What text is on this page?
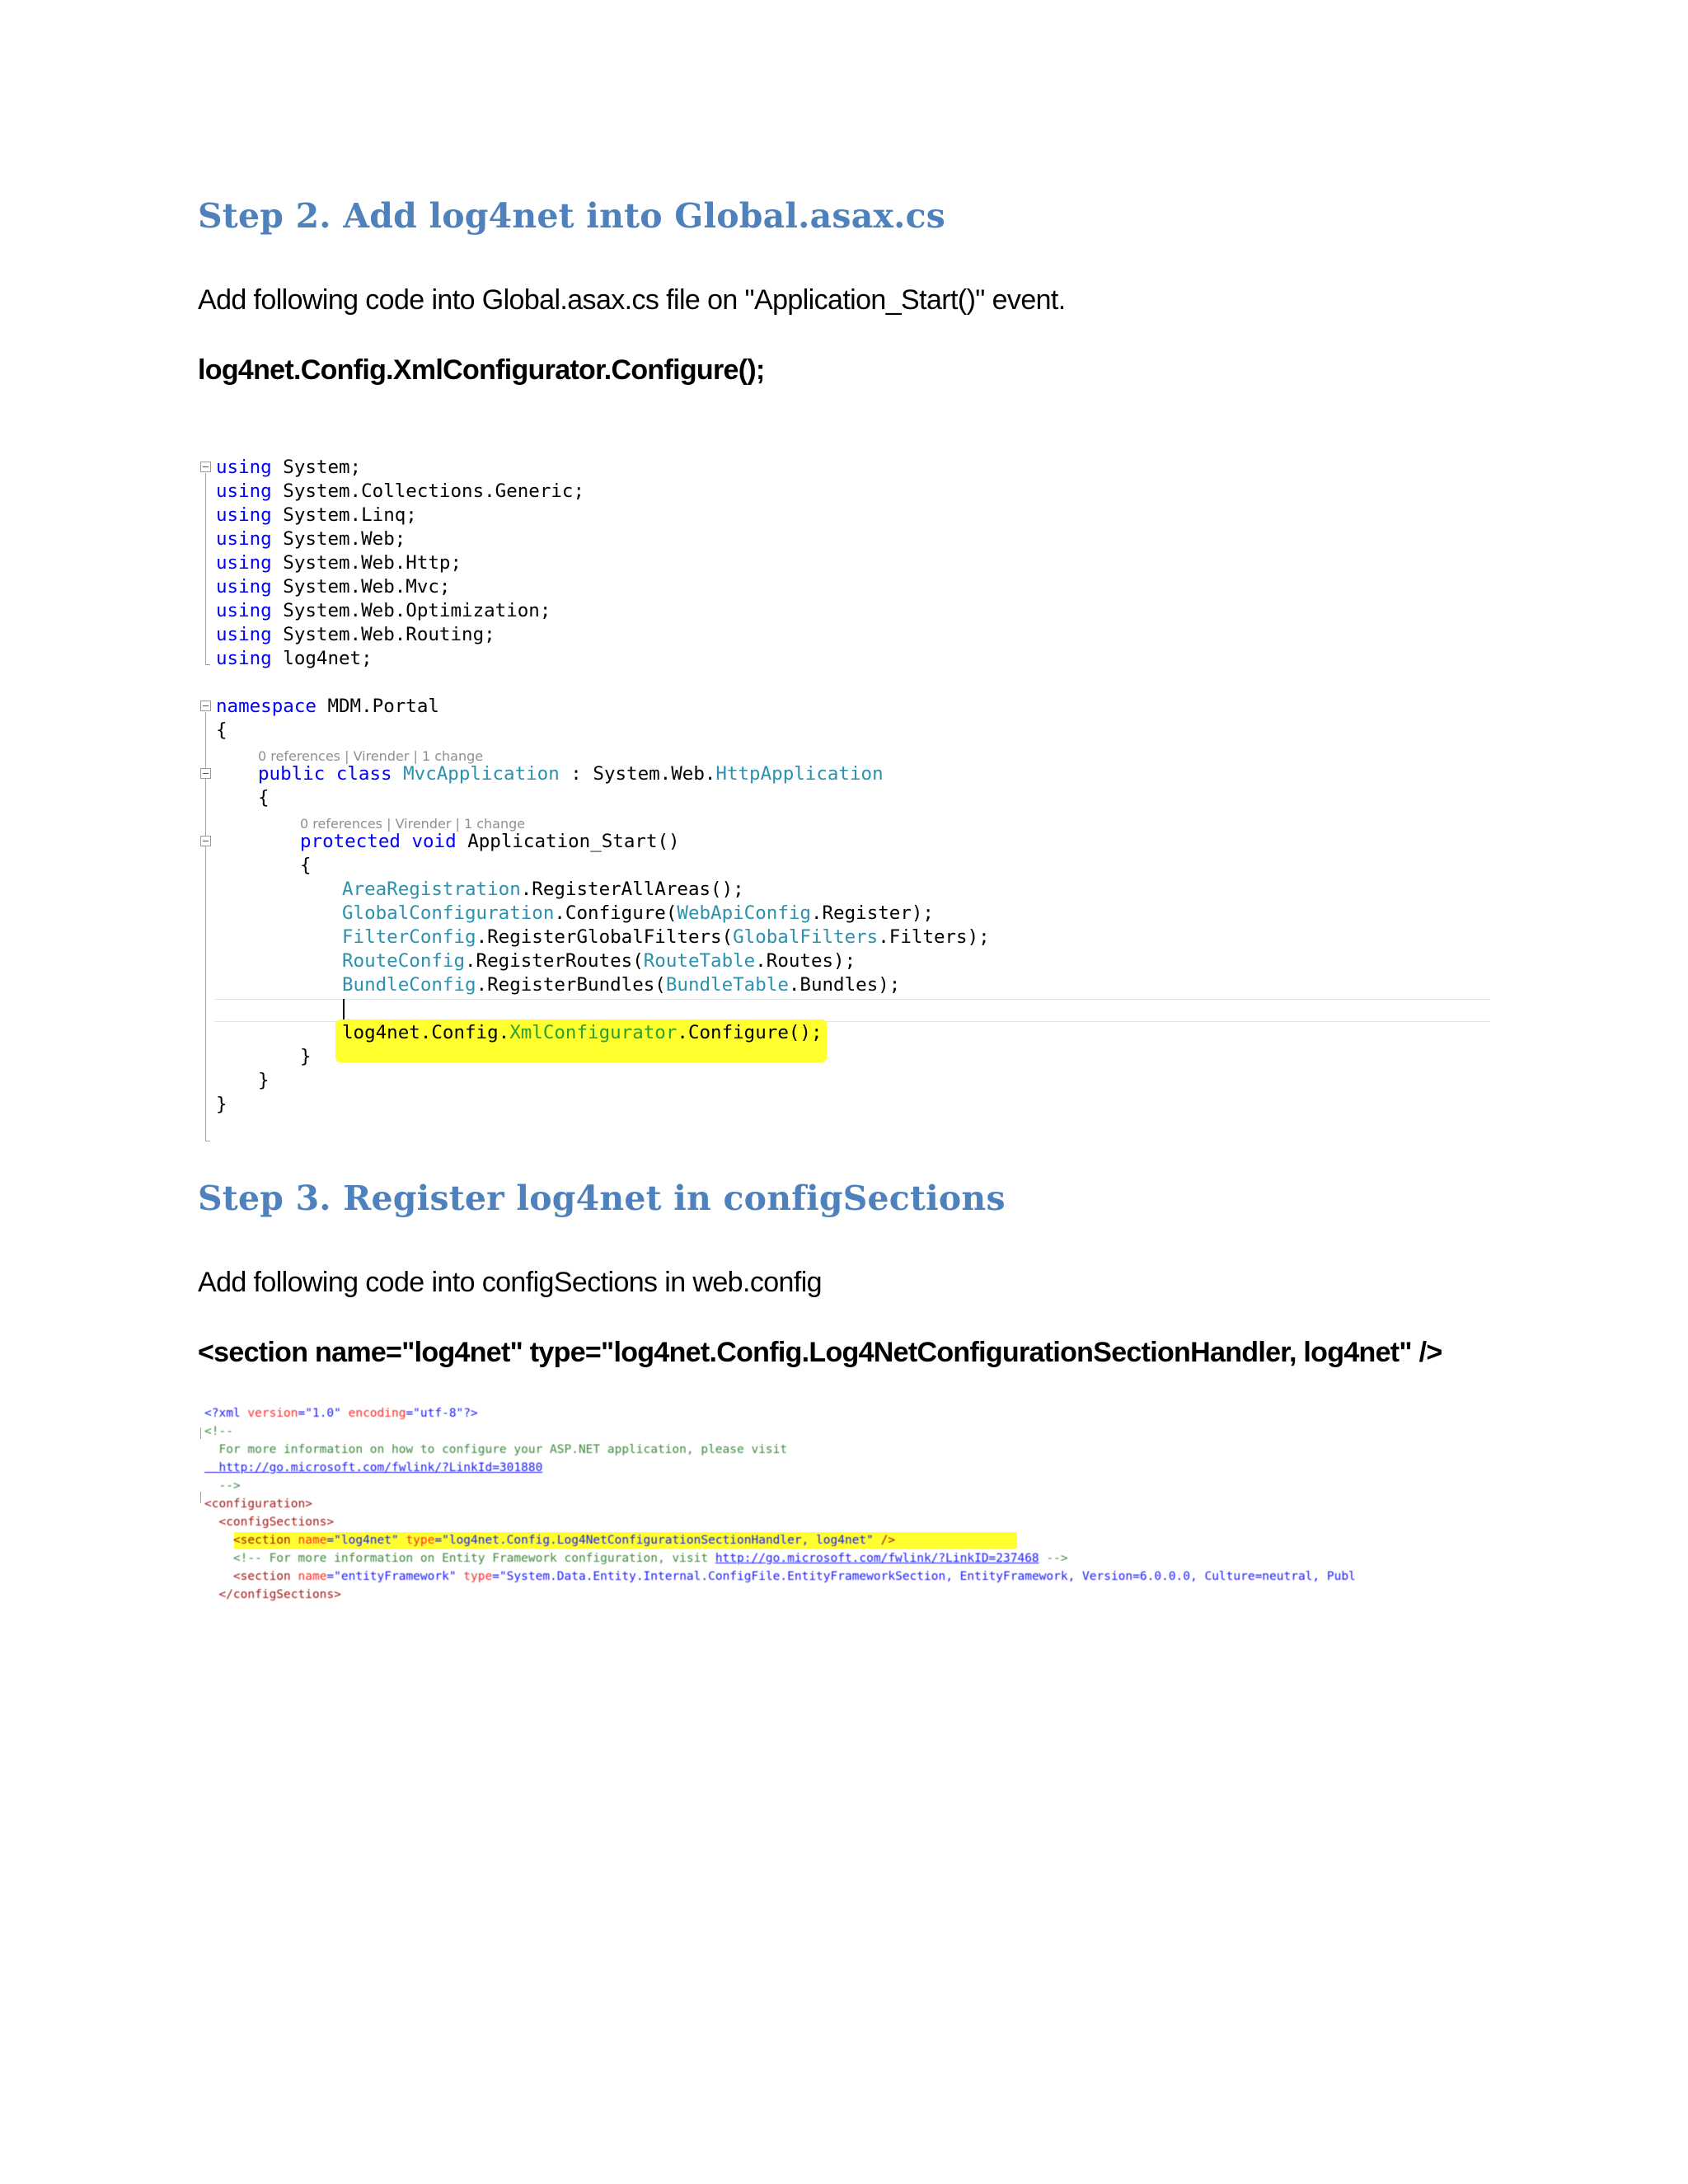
Step 2. Add log4net into Global.asax.cs

Add following code into Global.asax.cs file on "Application_Start()" event.

log4net.Config.XmlConfigurator.Configure();

using System;
using System.Collections.Generic;
using System.Linq;
using System.Web;
using System.Web.Http;
using System.Web.Mvc;
using System.Web.Optimization;
using System.Web.Routing;
using log4net;
namespace MDM.Portal
{
0 references | Virender | 1 change
public class MvcApplication : System.Web.HttpApplication
{
0 references | Virender | 1 change
protected void Application_Start()
{
AreaRegistration.RegisterAllAreas();
GlobalConfiguration.Configure(WebApiConfig.Register);
FilterConfig.RegisterGlobalFilters(GlobalFilters.Filters);
RouteConfig.RegisterRoutes(RouteTable.Routes);
BundleConfig.RegisterBundles(BundleTable.Bundles);
log4net.Config.XmlConfigurator.Configure();
}
}
}
Step 3. Register log4net in configSections

Add following code into configSections in web.config

<section name="log4net" type="log4net.Config.Log4NetConfigurationSectionHandler, log4net" />

<?xml version="1.0" encoding="utf-8"?>
<!--
For more information on how to configure your ASP.NET application, please visit
http://go.microsoft.com/fwlink/?LinkId=301880
-->
<configuration>
<configSections>
<section name="log4net" type="log4net.Config.Log4NetConfigurationSectionHandler, log4net" />
<!-- For more information on Entity Framework configuration, visit http://go.microsoft.com/fwlink/?LinkID=237468 -->
<section name="entityFramework" type="System.Data.Entity.Internal.ConfigFile.EntityFrameworkSection, EntityFramework, Version=6.0.0.0, Culture=neutral, Publ
</configSections>
